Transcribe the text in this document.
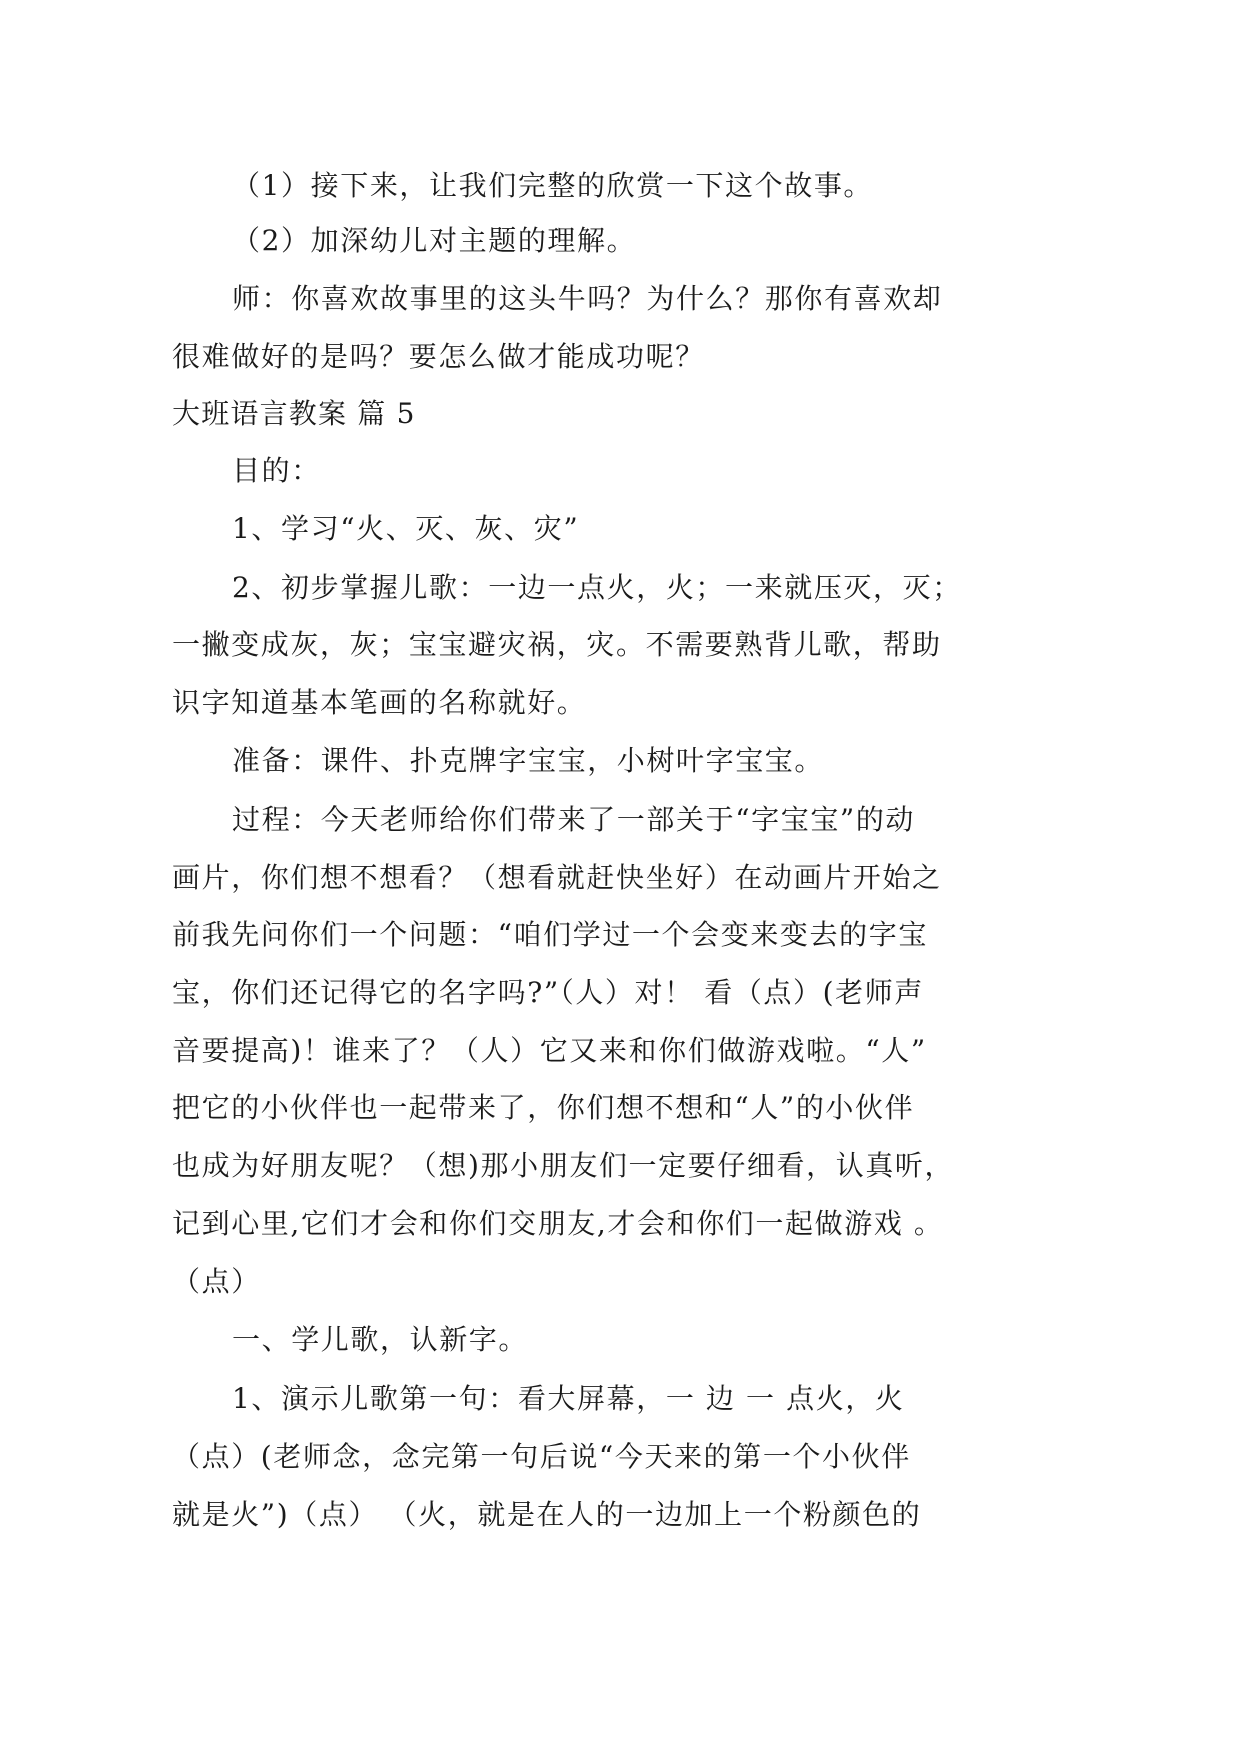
（1）接下来，让我们完整的欣赏一下这个故事。
（2）加深幼儿对主题的理解。
师：你喜欢故事里的这头牛吗？为什么？那你有喜欢却
很难做好的是吗？要怎么做才能成功呢？
大班语言教案 篇 5
目的：
1、学习“火、灭、灰、灾”
2、初步掌握儿歌：一边一点火，火；一来就压灭，灭；
一撇变成灰，灰；宝宝避灾祸，灾。不需要熟背儿歌，帮助
识字知道基本笔画的名称就好。
准备：课件、扑克牌字宝宝，小树叶字宝宝。
过程：今天老师给你们带来了一部关于“字宝宝”的动
画片，你们想不想看？（想看就赶快坐好）在动画片开始之
前我先问你们一个问题：“咱们学过一个会变来变去的字宝
宝，你们还记得它的名字吗?”（人）对！ 看（点）(老师声
音要提高)！谁来了？（人）它又来和你们做游戏啦。“人”
把它的小伙伴也一起带来了，你们想不想和“人”的小伙伴
也成为好朋友呢？（想)那小朋友们一定要仔细看，认真听，
记到心里,它们才会和你们交朋友,才会和你们一起做游戏 。
（点）
一、学儿歌，认新字。
1、演示儿歌第一句：看大屏幕，一 边 一 点火，火
（点）(老师念，念完第一句后说“今天来的第一个小伙伴
就是火”)（点） （火，就是在人的一边加上一个粉颜色的
